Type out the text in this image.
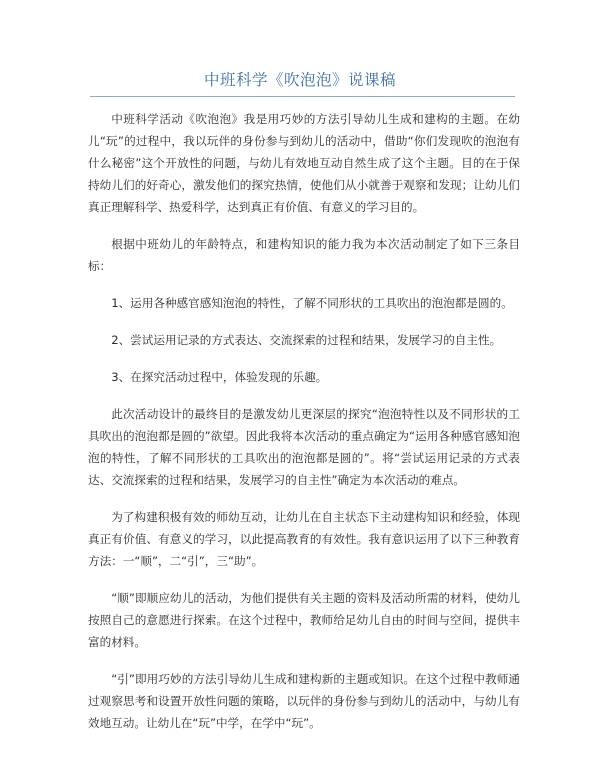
中班科学《吹泡泡》说课稿

中班科学活动《吹泡泡》我是用巧妙的方法引导幼儿生成和建构的主题。在幼儿“玩”的过程中，我以玩伴的身份参与到幼儿的活动中，借助“你们发现吹的泡泡有什么秘密”这个开放性的问题，与幼儿有效地互动自然生成了这个主题。目的在于保持幼儿们的好奇心，激发他们的探究热情，使他们从小就善于观察和发现；让幼儿们真正理解科学、热爱科学，达到真正有价值、有意义的学习目的。

根据中班幼儿的年龄特点，和建构知识的能力我为本次活动制定了如下三条目标：

1、运用各种感官感知泡泡的特性，了解不同形状的工具吹出的泡泡都是圆的。

2、尝试运用记录的方式表达、交流探索的过程和结果，发展学习的自主性。

3、在探究活动过程中，体验发现的乐趣。

此次活动设计的最终目的是激发幼儿更深层的探究“泡泡特性以及不同形状的工具吹出的泡泡都是圆的”欲望。因此我将本次活动的重点确定为“运用各种感官感知泡泡的特性，了解不同形状的工具吹出的泡泡都是圆的”。将“尝试运用记录的方式表达、交流探索的过程和结果，发展学习的自主性”确定为本次活动的难点。

为了构建积极有效的师幼互动，让幼儿在自主状态下主动建构知识和经验，体现真正有价值、有意义的学习，以此提高教育的有效性。我有意识运用了以下三种教育方法：一“顺”，二“引”，三“助”。

“顺”即顺应幼儿的活动，为他们提供有关主题的资料及活动所需的材料，使幼儿按照自己的意愿进行探索。在这个过程中，教师给足幼儿自由的时间与空间，提供丰富的材料。

“引”即用巧妙的方法引导幼儿生成和建构新的主题或知识。在这个过程中教师通过观察思考和设置开放性问题的策略，以玩伴的身份参与到幼儿的活动中，与幼儿有效地互动。让幼儿在“玩”中学，在学中“玩”。
